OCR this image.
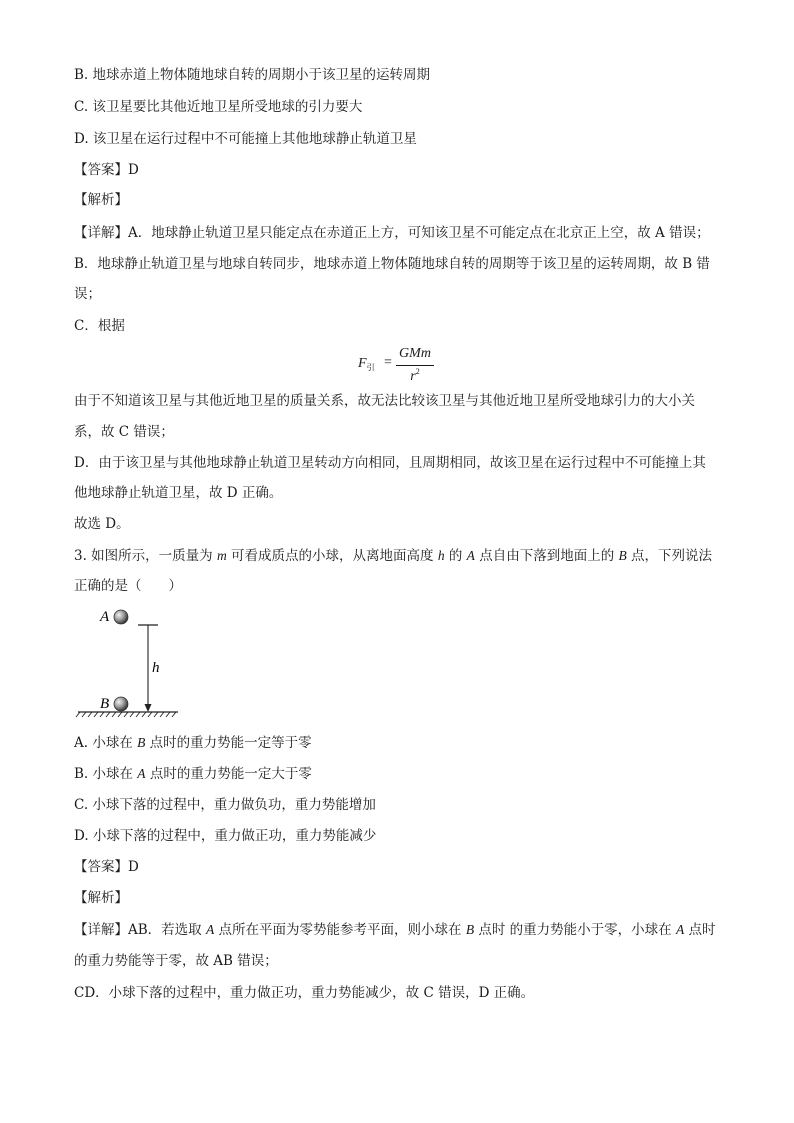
B. 地球赤道上物体随地球自转的周期小于该卫星的运转周期
C. 该卫星要比其他近地卫星所受地球的引力要大
D. 该卫星在运行过程中不可能撞上其他地球静止轨道卫星
【答案】D
【解析】
【详解】A．地球静止轨道卫星只能定点在赤道正上方，可知该卫星不可能定点在北京正上空，故 A 错误；
B．地球静止轨道卫星与地球自转同步，地球赤道上物体随地球自转的周期等于该卫星的运转周期，故 B 错
误；
C．根据
$F_引$ =
GMm
$r^2$
由于不知道该卫星与其他近地卫星的质量关系，故无法比较该卫星与其他近地卫星所受地球引力的大小关
系，故 C 错误；
D．由于该卫星与其他地球静止轨道卫星转动方向相同，且周期相同，故该卫星在运行过程中不可能撞上其
他地球静止轨道卫星，故 D 正确。
故选 D。
3. 如图所示，一质量为 m 可看成质点的小球，从离地面高度 h 的 A 点自由下落到地面上的 B 点，下列说法
正确的是（　　）
A
h
B
A. 小球在 B 点时的重力势能一定等于零
B. 小球在 A 点时的重力势能一定大于零
C. 小球下落的过程中，重力做负功，重力势能增加
D. 小球下落的过程中，重力做正功，重力势能减少
【答案】D
【解析】
【详解】AB．若选取 A 点所在平面为零势能参考平面，则小球在 B 点时 的重力势能小于零，小球在 A 点时
的重力势能等于零，故 AB 错误；
CD．小球下落的过程中，重力做正功，重力势能减少，故 C 错误，D 正确。
